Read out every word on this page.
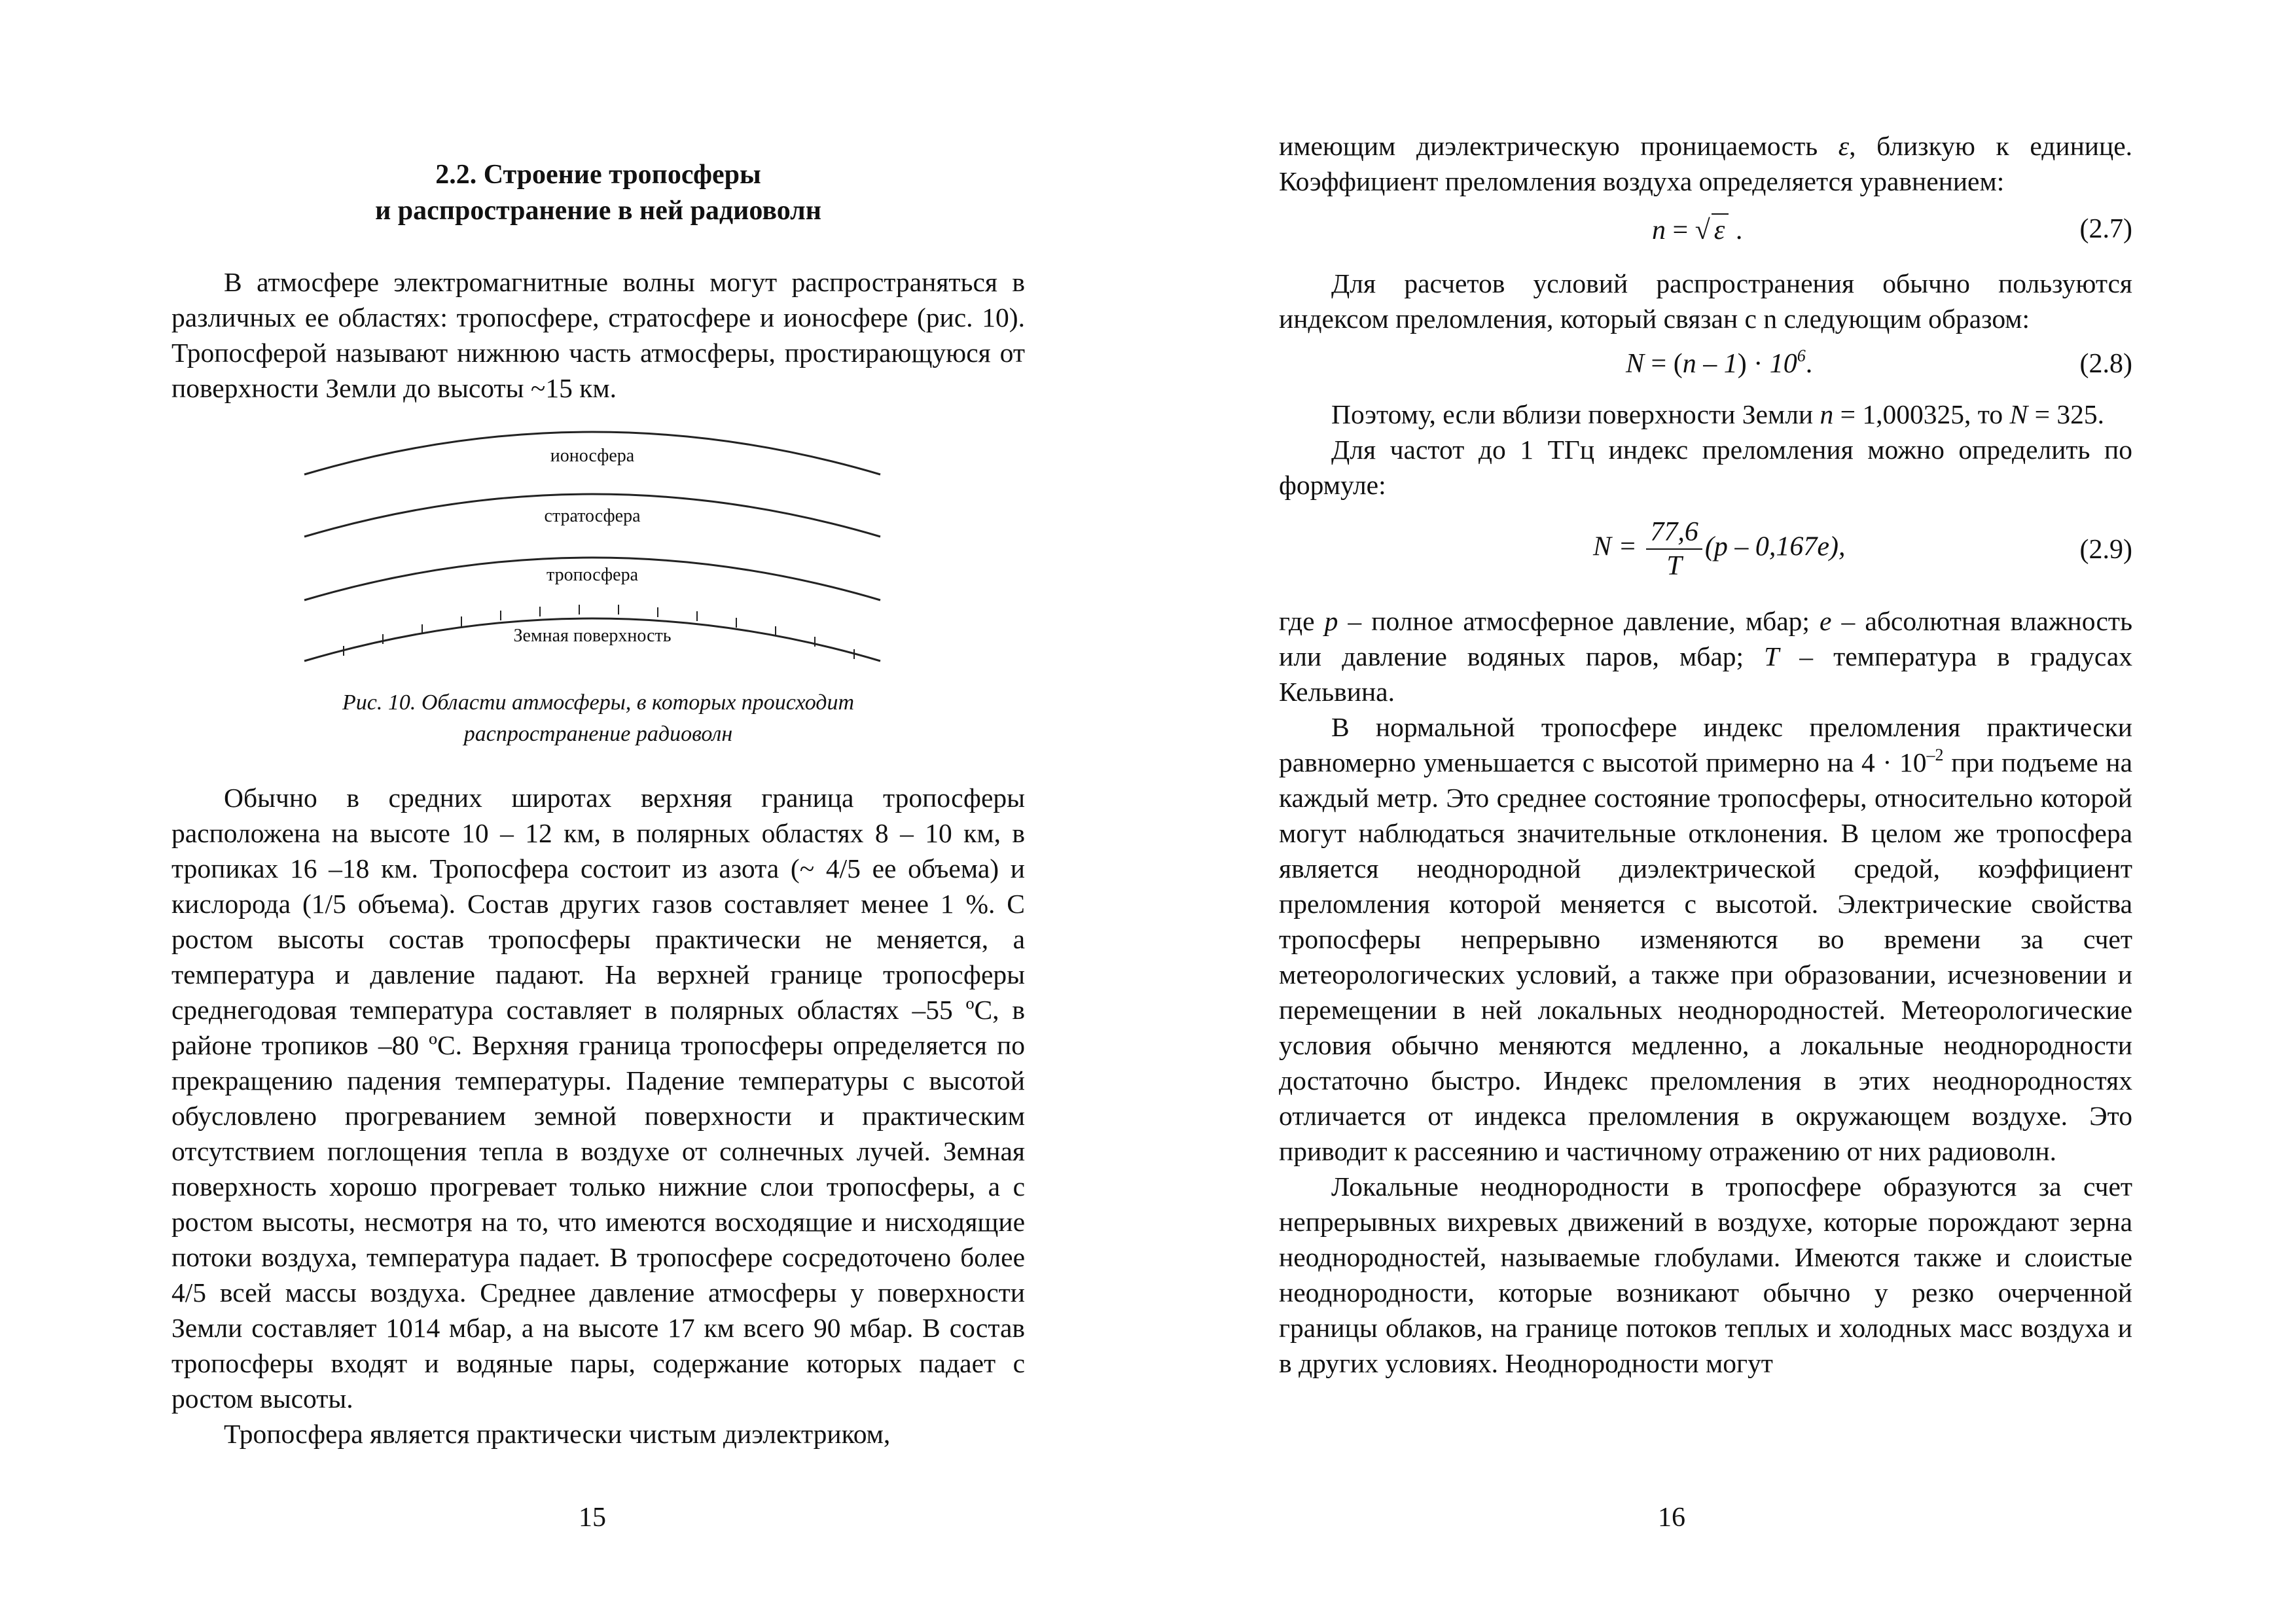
2.2. Строение тропосферы

и распространение в ней радиоволн

В атмосфере электромагнитные волны могут распространяться в различных ее областях: тропосфере, стратосфере и ионосфере (рис. 10). Тропосферой называют нижнюю часть атмосферы, простирающуюся от поверхности Земли до высоты ~15 км.

ионосфера
стратосфера
тропосфера
Земная поверхность

Рис. 10. Области атмосферы, в которых происходит

распространение радиоволн

Обычно в средних широтах верхняя граница тропосферы расположена на высоте 10 – 12 км, в полярных областях 8 – 10 км, в тропиках 16 –18 км. Тропосфера состоит из азота (~ 4/5 ее объема) и кислорода (1/5 объема). Состав других газов составляет менее 1 %. С ростом высоты состав тропосферы практически не меняется, а температура и давление падают. На верхней границе тропосферы среднегодовая температура составляет в полярных областях –55 ºС, в районе тропиков –80 ºС. Верхняя граница тропосферы определяется по прекращению падения температуры. Падение температуры с высотой обусловлено прогреванием земной поверхности и практическим отсутствием поглощения тепла в воздухе от солнечных лучей. Земная поверхность хорошо прогревает только нижние слои тропосферы, а с ростом высоты, несмотря на то, что имеются восходящие и нисходящие потоки воздуха, температура падает. В тропосфере сосредоточено более 4/5 всей массы воздуха. Среднее давление атмосферы у поверхности Земли составляет 1014 мбар, а на высоте 17 км всего 90 мбар. В состав тропосферы входят и водяные пары, содержание которых падает с ростом высоты.

Тропосфера является практически чистым диэлектриком,

15

имеющим диэлектрическую проницаемость ε, близкую к единице. Коэффициент преломления воздуха определяется уравнением:

n = √ ε .	(2.7)

Для расчетов условий распространения обычно пользуются индексом преломления, который связан с n следующим образом:

$N = (n - 1) \cdot 10^6$.	(2.8)

Поэтому, если вблизи поверхности Земли n = 1,000325, то N = 325.

Для частот до 1 ТГц индекс преломления можно определить по формуле:

$N = \frac{77,6}{T} (p - 0,167e)$,	(2.9)

где p – полное атмосферное давление, мбар; e – абсолютная влажность или давление водяных паров, мбар; T – температура в градусах Кельвина.

В нормальной тропосфере индекс преломления практически равномерно уменьшается с высотой примерно на $4 \cdot 10^{-2}$ при подъеме на каждый метр. Это среднее состояние тропосферы, относительно которой могут наблюдаться значительные отклонения. В целом же тропосфера является неоднородной диэлектрической средой, коэффициент преломления которой меняется с высотой. Электрические свойства тропосферы непрерывно изменяются во времени за счет метеорологических условий, а также при образовании, исчезновении и перемещении в ней локальных неоднородностей. Метеорологические условия обычно меняются медленно, а локальные неоднородности достаточно быстро. Индекс преломления в этих неоднородностях отличается от индекса преломления в окружающем воздухе. Это приводит к рассеянию и частичному отражению от них радиоволн.

Локальные неоднородности в тропосфере образуются за счет непрерывных вихревых движений в воздухе, которые порождают зерна неоднородностей, называемые глобулами. Имеются также и слоистые неоднородности, которые возникают обычно у резко очерченной границы облаков, на границе потоков теплых и холодных масс воздуха и в других условиях. Неоднородности могут

16
